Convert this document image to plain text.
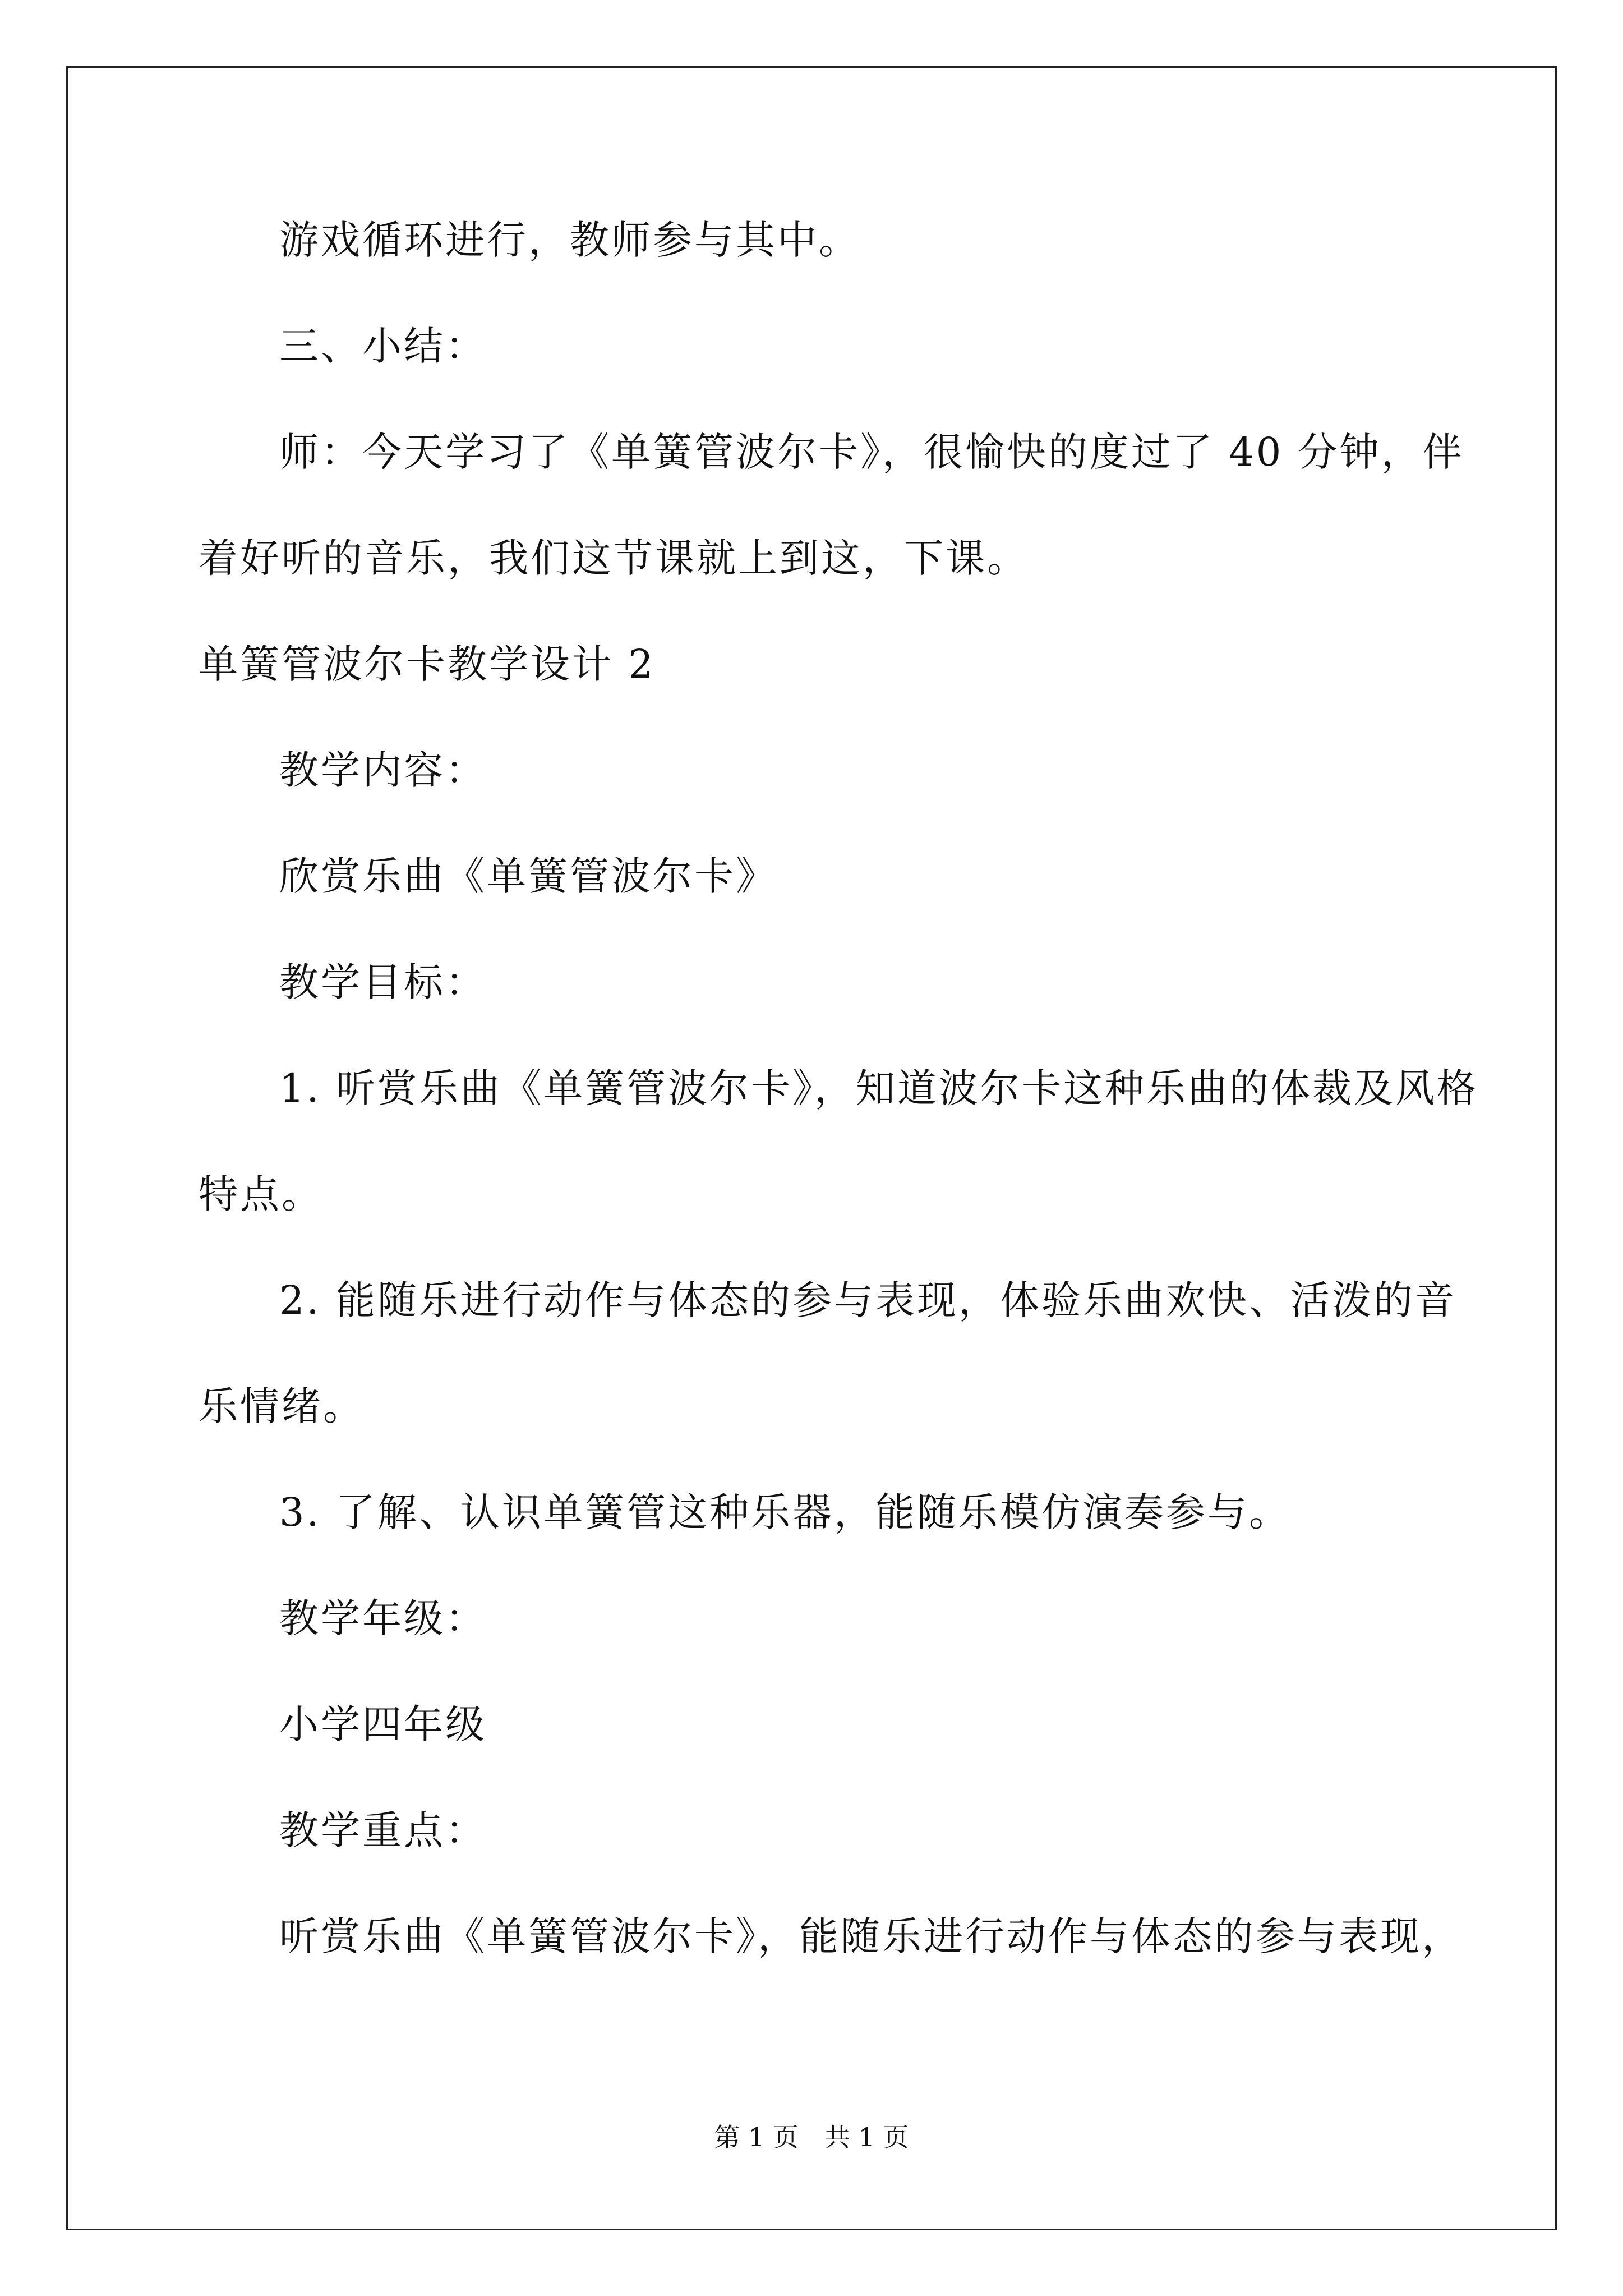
游戏循环进行，教师参与其中。
三、小结：
师：今天学习了《单簧管波尔卡》，很愉快的度过了 40 分钟，伴
着好听的音乐，我们这节课就上到这，下课。
单簧管波尔卡教学设计 2
教学内容：
欣赏乐曲《单簧管波尔卡》
教学目标：
1. 听赏乐曲《单簧管波尔卡》，知道波尔卡这种乐曲的体裁及风格
特点。
2. 能随乐进行动作与体态的参与表现，体验乐曲欢快、活泼的音
乐情绪。
3. 了解、认识单簧管这种乐器，能随乐模仿演奏参与。
教学年级：
小学四年级
教学重点：
听赏乐曲《单簧管波尔卡》，能随乐进行动作与体态的参与表现，
第 1 页　共 1 页
